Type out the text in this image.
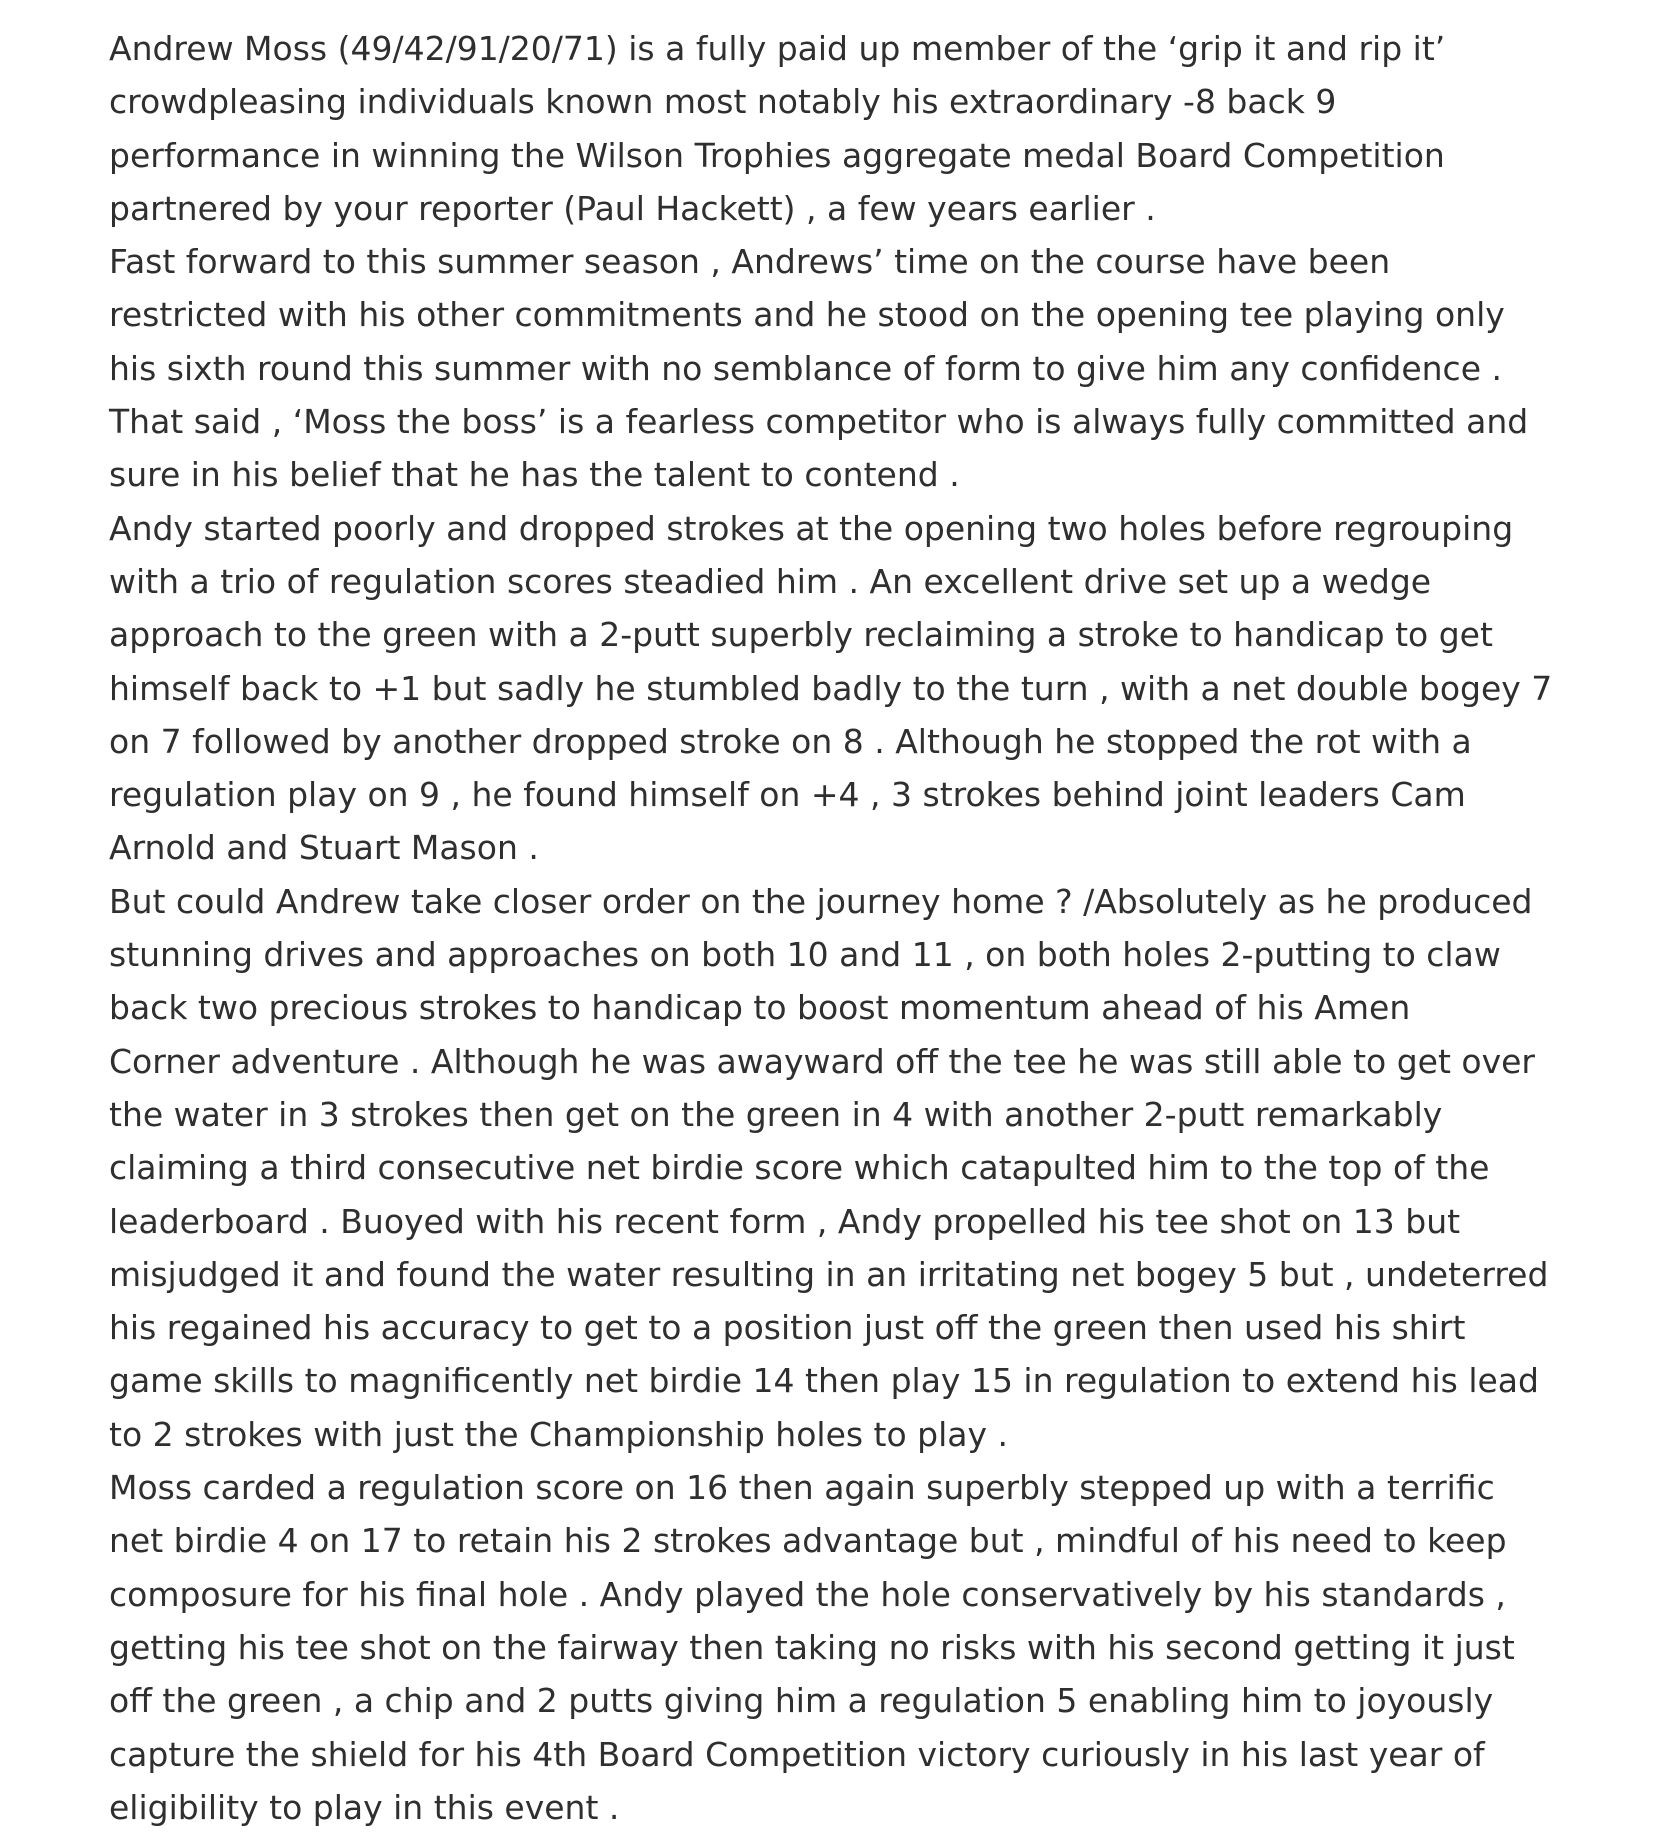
Andrew Moss (49/42/91/20/71) is a fully paid up member of the ‘grip it and rip it’
crowdpleasing individuals known most notably his extraordinary -8 back 9
performance in winning the Wilson Trophies aggregate medal Board Competition
partnered by your reporter (Paul Hackett) , a few years earlier .
Fast forward to this summer season , Andrews’ time on the course have been
restricted with his other commitments and he stood on the opening tee playing only
his sixth round this summer with no semblance of form to give him any confidence .
That said , ‘Moss the boss’ is a fearless competitor who is always fully committed and
sure in his belief that he has the talent to contend .
Andy started poorly and dropped strokes at the opening two holes before regrouping
with a trio of regulation scores steadied him . An excellent drive set up a wedge
approach to the green with a 2-putt superbly reclaiming a stroke to handicap to get
himself back to +1 but sadly he stumbled badly to the turn , with a net double bogey 7
on 7 followed by another dropped stroke on 8 . Although he stopped the rot with a
regulation play on 9 , he found himself on +4 , 3 strokes behind joint leaders Cam
Arnold and Stuart Mason .
But could Andrew take closer order on the journey home ? /Absolutely as he produced
stunning drives and approaches on both 10 and 11 , on both holes 2-putting to claw
back two precious strokes to handicap to boost momentum ahead of his Amen
Corner adventure . Although he was awayward off the tee he was still able to get over
the water in 3 strokes then get on the green in 4 with another 2-putt remarkably
claiming a third consecutive net birdie score which catapulted him to the top of the
leaderboard . Buoyed with his recent form , Andy propelled his tee shot on 13 but
misjudged it and found the water resulting in an irritating net bogey 5 but , undeterred
his regained his accuracy to get to a position just off the green then used his shirt
game skills to magnificently net birdie 14 then play 15 in regulation to extend his lead
to 2 strokes with just the Championship holes to play .
Moss carded a regulation score on 16 then again superbly stepped up with a terrific
net birdie 4 on 17 to retain his 2 strokes advantage but , mindful of his need to keep
composure for his final hole . Andy played the hole conservatively by his standards ,
getting his tee shot on the fairway then taking no risks with his second getting it just
off the green , a chip and 2 putts giving him a regulation 5 enabling him to joyously
capture the shield for his 4th Board Competition victory curiously in his last year of
eligibility to play in this event .
